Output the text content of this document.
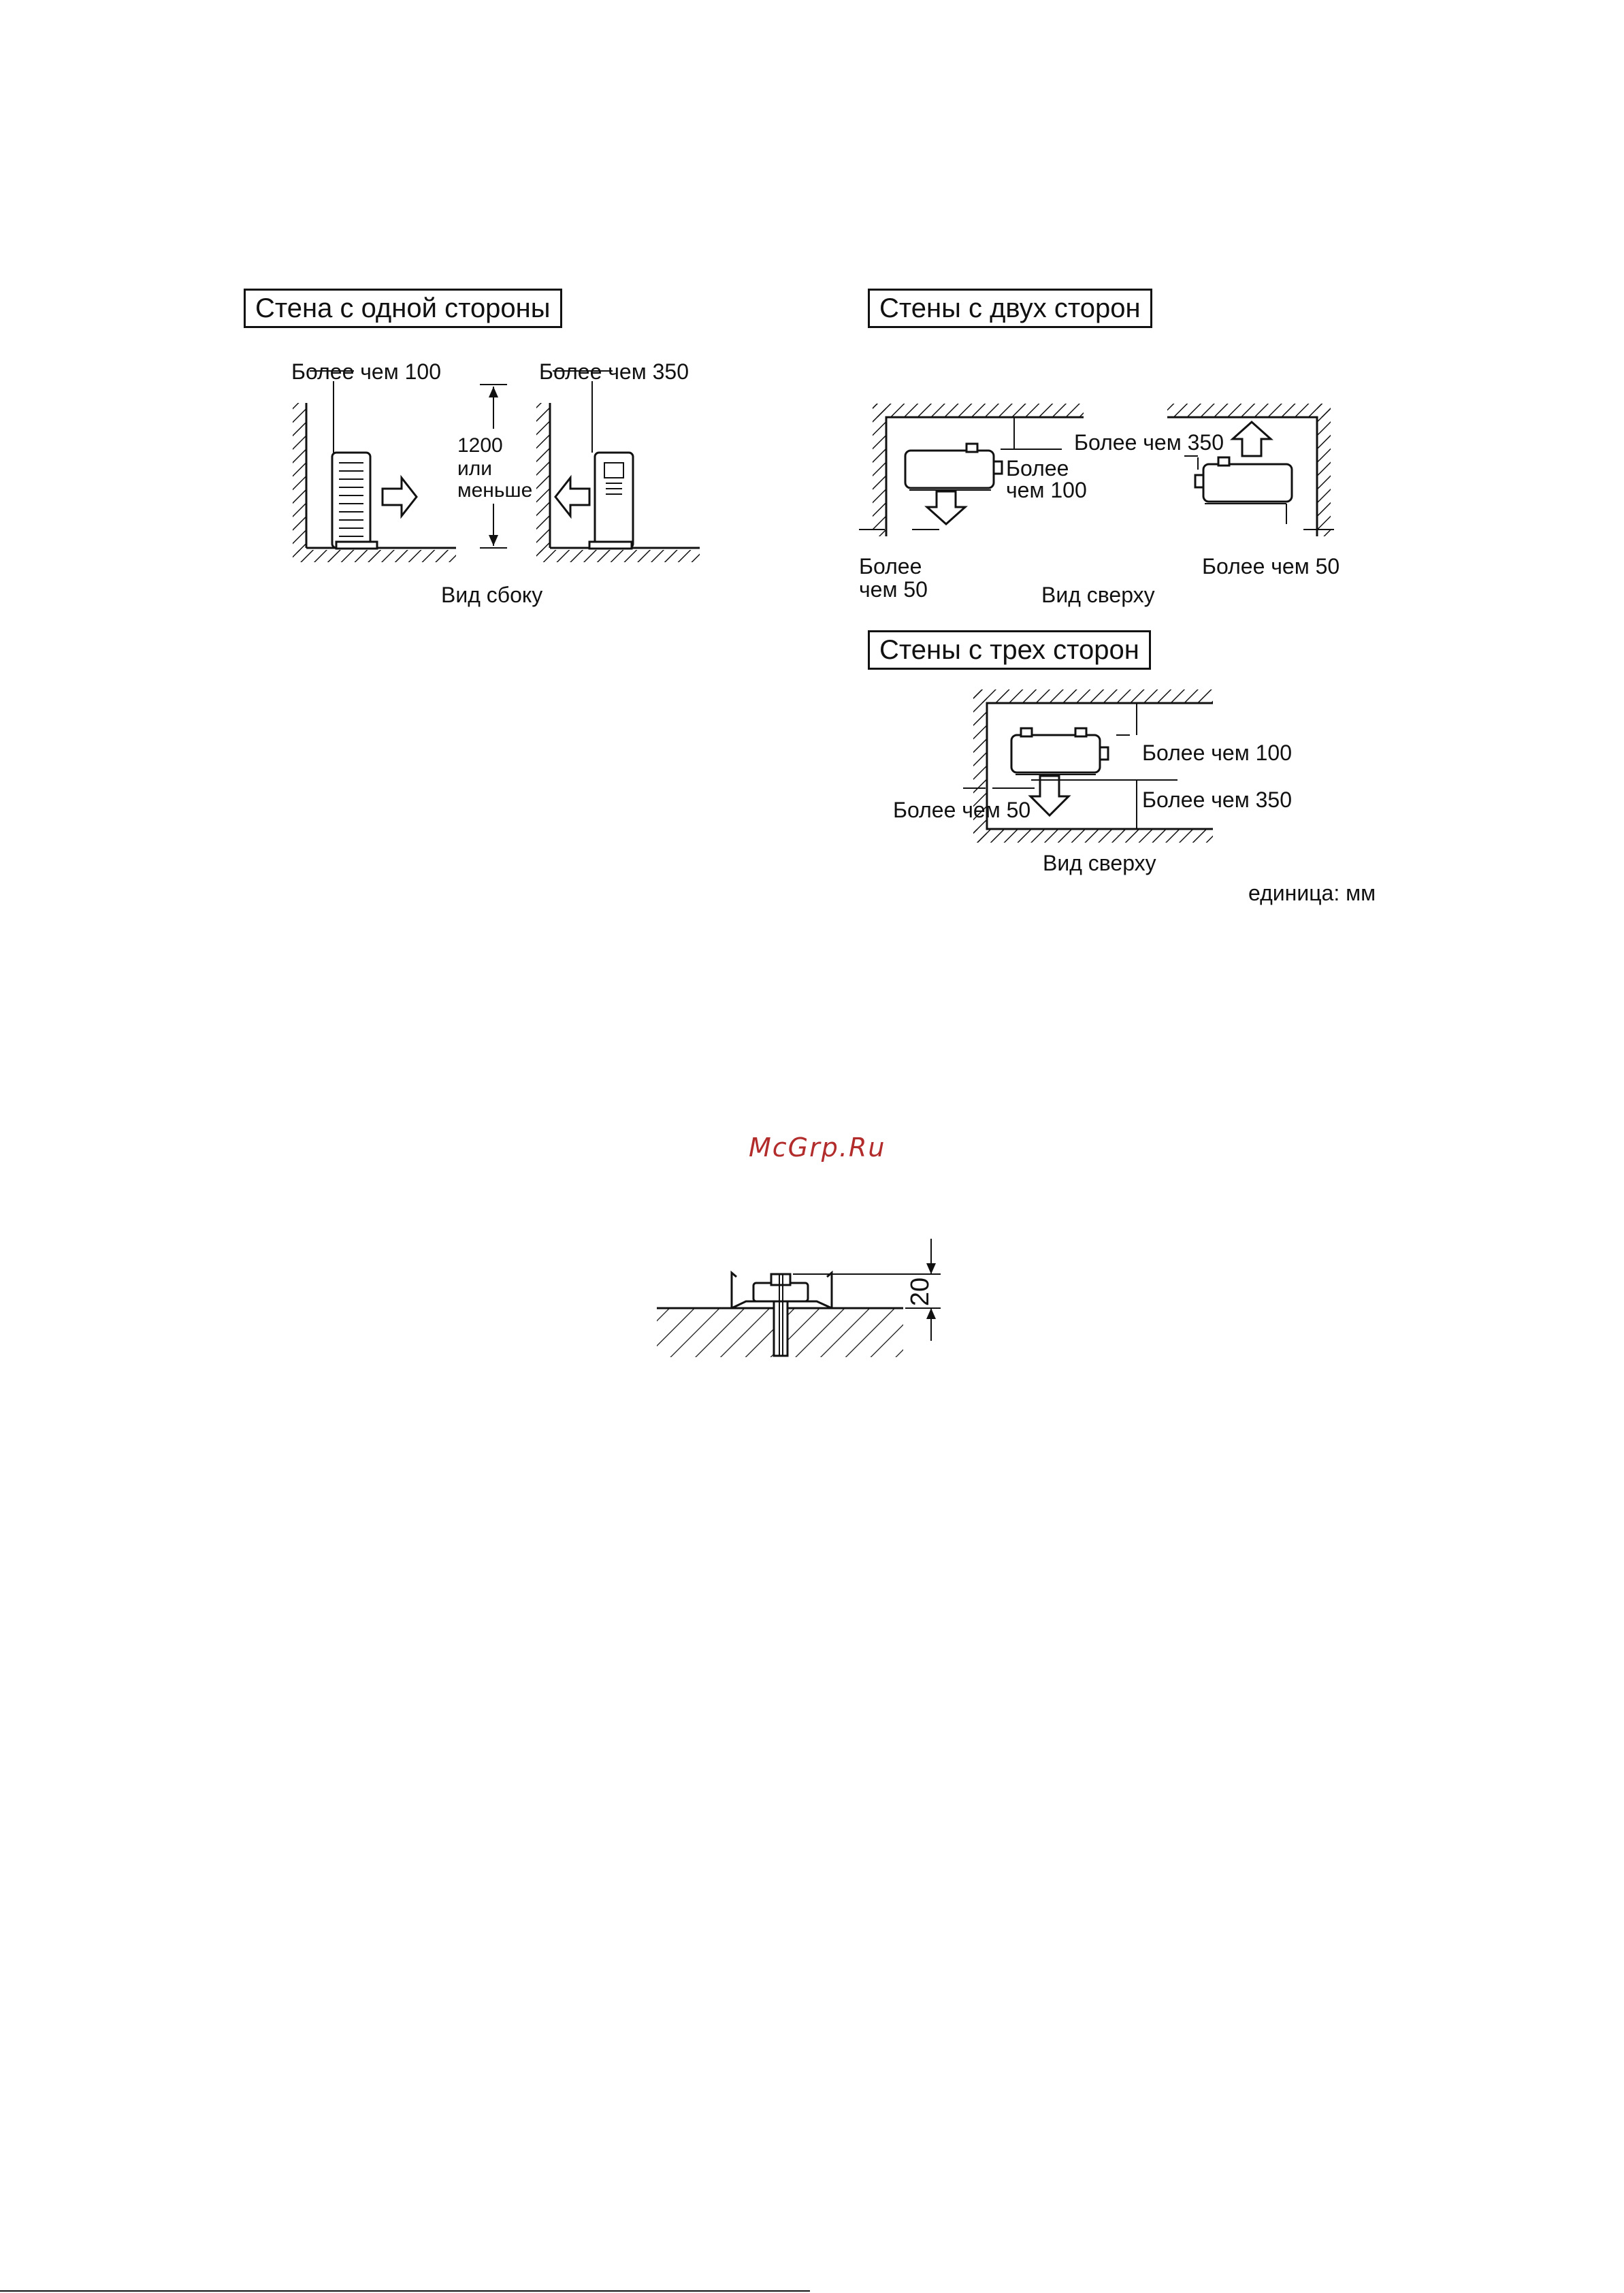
Стена с одной стороны	Стены с двух сторон
Стены с трех сторон
Более чем 100	Более чем 350
1200
или
меньше
Вид сбоку
Более чем 350
Более
чем 100
Более
чем 50
Более чем 50
Вид сверху
Более чем 100
Более чем 350
Более чем 50
Вид сверху
единица: мм
McGrp.Ru
20
